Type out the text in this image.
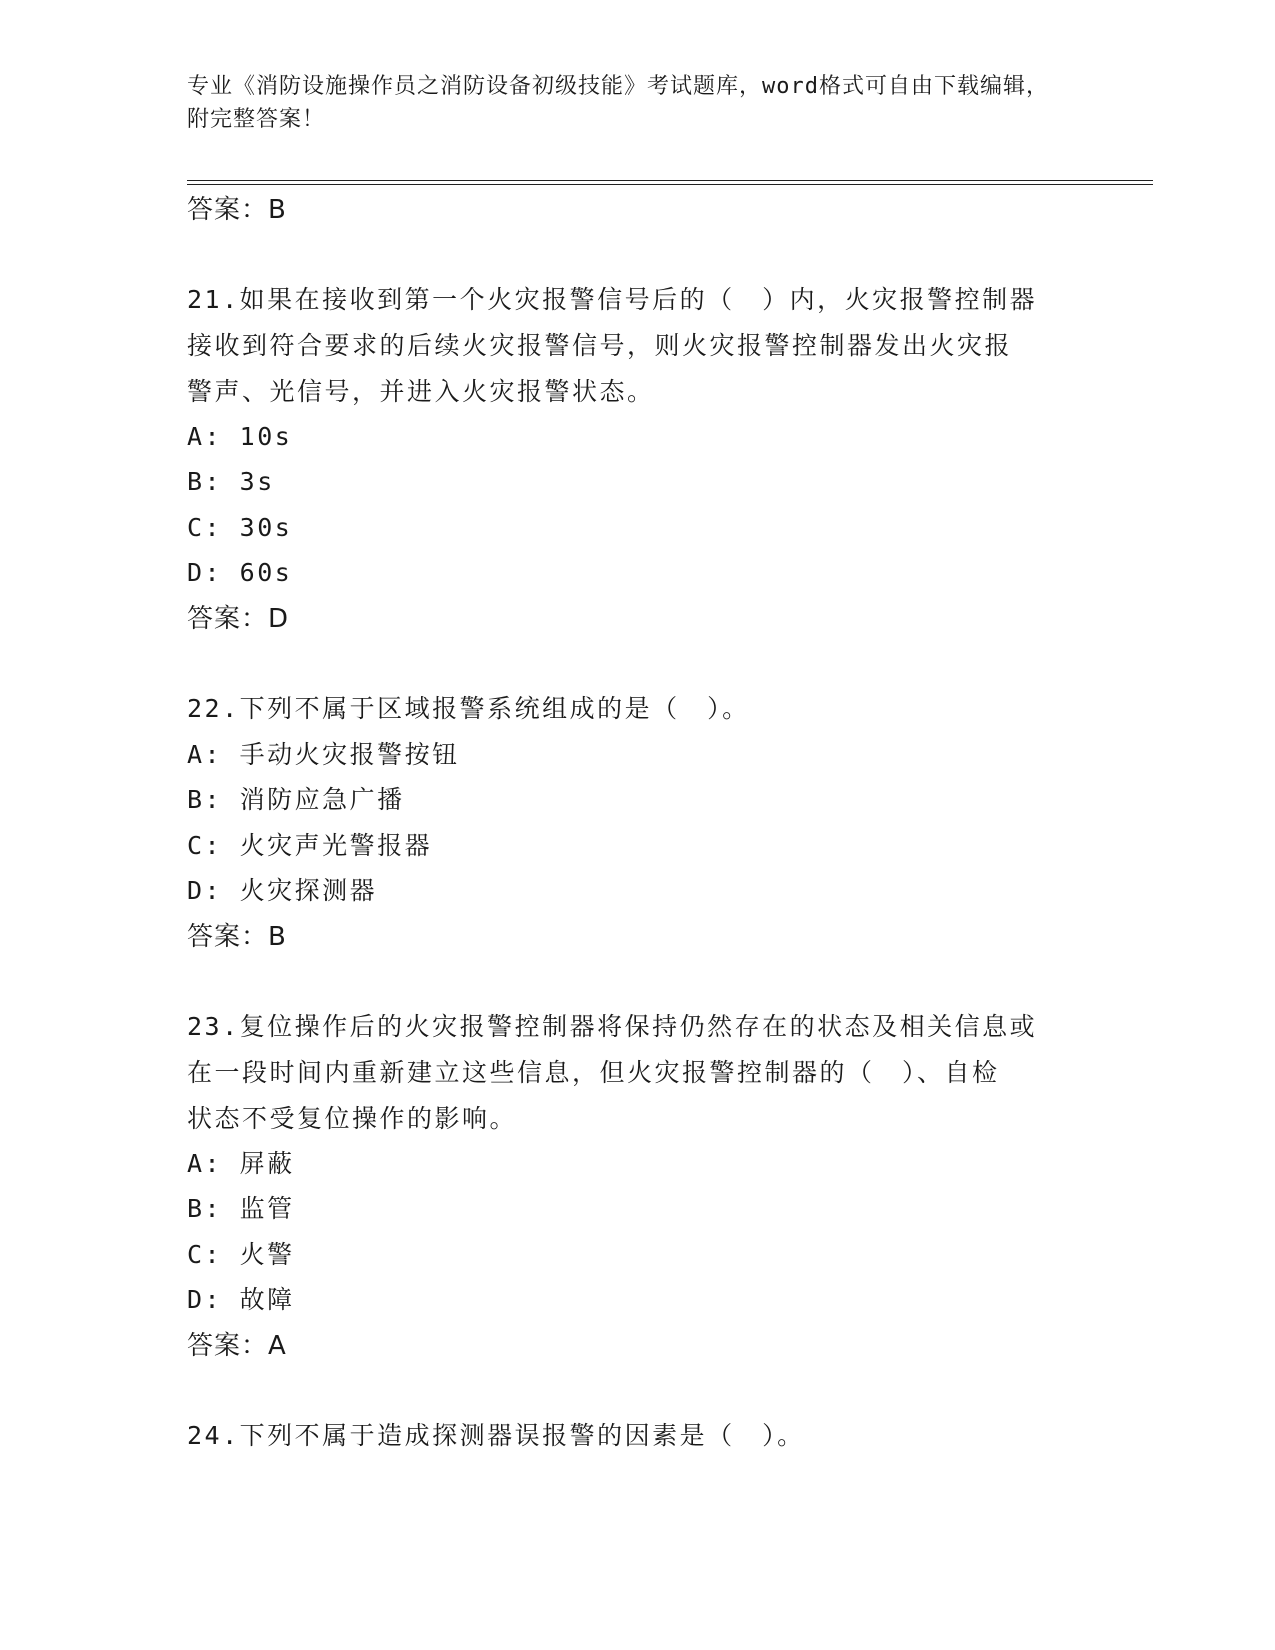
专业《消防设施操作员之消防设备初级技能》考试题库，word格式可自由下载编辑，附完整答案！
答案：B
21.如果在接收到第一个火灾报警信号后的（　）内，火灾报警控制器
接收到符合要求的后续火灾报警信号，则火灾报警控制器发出火灾报
警声、光信号，并进入火灾报警状态。
A: 10s
B: 3s
C: 30s
D: 60s
答案：D
22.下列不属于区域报警系统组成的是（　）。
A: 手动火灾报警按钮
B: 消防应急广播
C: 火灾声光警报器
D: 火灾探测器
答案：B
23.复位操作后的火灾报警控制器将保持仍然存在的状态及相关信息或
在一段时间内重新建立这些信息，但火灾报警控制器的（　）、自检
状态不受复位操作的影响。
A: 屏蔽
B: 监管
C: 火警
D: 故障
答案：A
24.下列不属于造成探测器误报警的因素是（　）。
